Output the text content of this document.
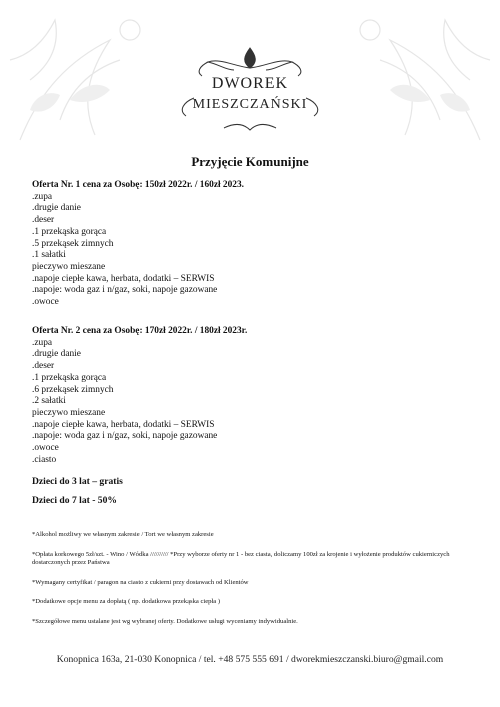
DWOREK
MIESZCZAŃSKI
Przyjęcie Komunijne
Oferta Nr. 1 cena za Osobę: 150zł 2022r. / 160zł 2023.
.zupa
.drugie danie
.deser
.1 przekąska gorąca
.5 przekąsek zimnych
.1 sałatki
pieczywo mieszane
.napoje ciepłe kawa, herbata, dodatki – SERWIS
.napoje: woda gaz i n/gaz, soki, napoje gazowane
.owoce
Oferta Nr. 2 cena za Osobę: 170zł 2022r. / 180zł 2023r.
.zupa
.drugie danie
.deser
.1 przekąska gorąca
.6 przekąsek zimnych
.2 sałatki
pieczywo mieszane
.napoje ciepłe kawa, herbata, dodatki – SERWIS
.napoje: woda gaz i n/gaz, soki, napoje gazowane
.owoce
.ciasto
Dzieci do 3 lat – gratis
Dzieci do 7 lat - 50%

*Alkohol możliwy we własnym zakresie / Tort we własnym zakresie

*Opłata korkowego 5zł/szt. - Wino / Wódka ////////// *Przy wyborze oferty nr 1 - bez ciasta, doliczamy 100zł za krojenie i wyłożenie produktów cukierniczych dostarczonych przez Państwa

*Wymagany certyfikat / paragon na ciasto z cukierni przy dostawach od Klientów

*Dodatkowe opcje menu za dopłatą ( np. dodatkowa przekąska ciepła )

*Szczegółowe menu ustalane jest wg wybranej oferty. Dodatkowe usługi wyceniamy indywidualnie.

Konopnica 163a, 21-030 Konopnica / tel. +48 575 555 691 / dworekmieszczanski.biuro@gmail.com
